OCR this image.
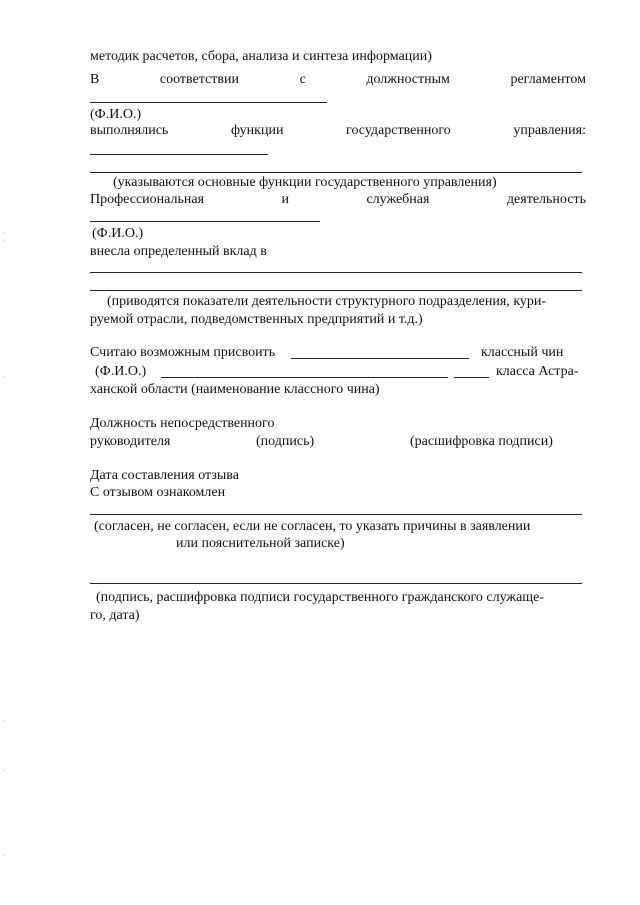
методик расчетов, сбора, анализа и синтеза информации)
В	соответствии	с	должностным	регламентом
(Ф.И.О.)
выполнялись	функции	государственного	управления:
(указываются основные функции государственного управления)
Профессиональная	и	служебная	деятельность
(Ф.И.О.)
внесла определенный вклад в
(приводятся показатели деятельности структурного подразделения, кури-
руемой отрасли, подведомственных предприятий и т.д.)
Считаю возможным присвоить	классный чин
(Ф.И.О.)	класса Астра-
ханской области (наименование классного чина)
Должность непосредственного
руководителя	(подпись)	(расшифровка подписи)
Дата составления отзыва
С отзывом ознакомлен
(согласен, не согласен, если не согласен, то указать причины в заявлении
или пояснительной записке)
(подпись, расшифровка подписи государственного гражданского служаще-
го, дата)
